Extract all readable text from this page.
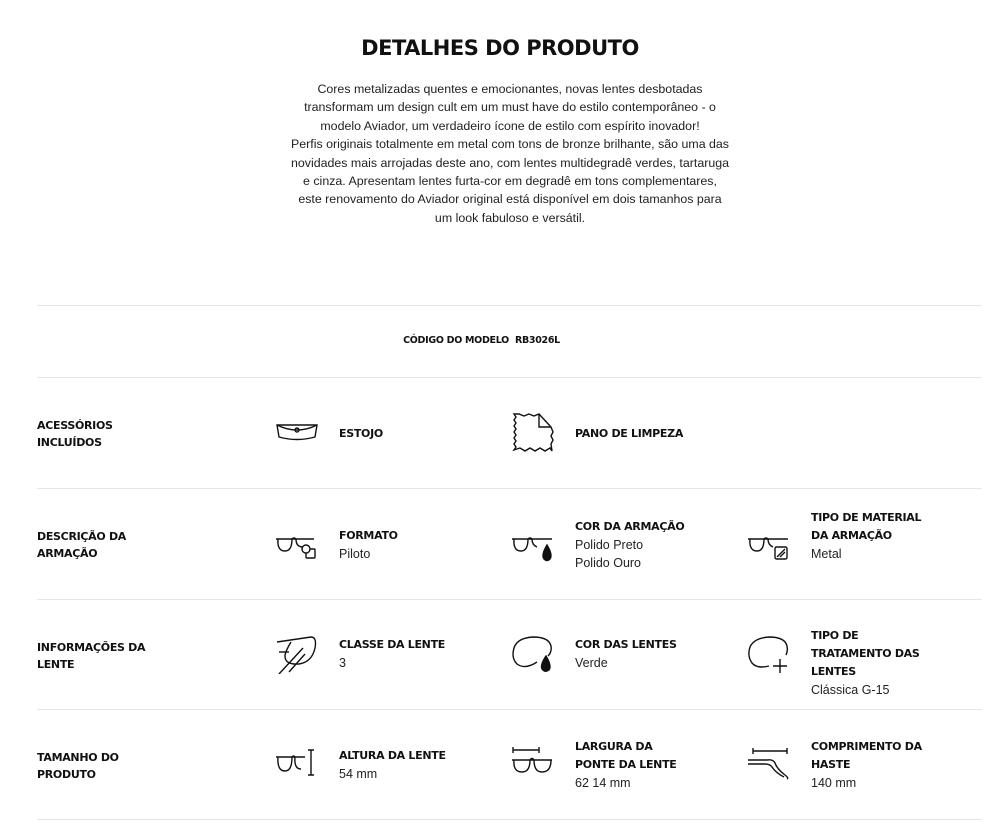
DETALHES DO PRODUTO

Cores metalizadas quentes e emocionantes, novas lentes desbotadas transformam um design cult em um must have do estilo contemporâneo - o modelo Aviador, um verdadeiro ícone de estilo com espírito inovador!

Perfis originais totalmente em metal com tons de bronze brilhante, são uma das novidades mais arrojadas deste ano, com lentes multidegradê verdes, tartaruga e cinza. Apresentam lentes furta-cor em degradê em tons complementares, este renovamento do Aviador original está disponível em dois tamanhos para um look fabuloso e versátil.

CÓDIGO DO MODELO RB3026L
ACESSÓRIOS INCLUÍDOS
ESTOJO	PANO DE LIMPEZA
DESCRIÇÃO DA ARMAÇÃO
FORMATO
Piloto
COR DA ARMAÇÃO
Polido Preto
Polido Ouro
TIPO DE MATERIAL DA ARMAÇÃO
Metal
INFORMAÇÕES DA LENTE
CLASSE DA LENTE
3
COR DAS LENTES
Verde
TIPO DE TRATAMENTO DAS LENTES
Clássica G-15
TAMANHO DO PRODUTO
ALTURA DA LENTE
54 mm
LARGURA DA PONTE DA LENTE
62 14 mm
COMPRIMENTO DA HASTE
140 mm
